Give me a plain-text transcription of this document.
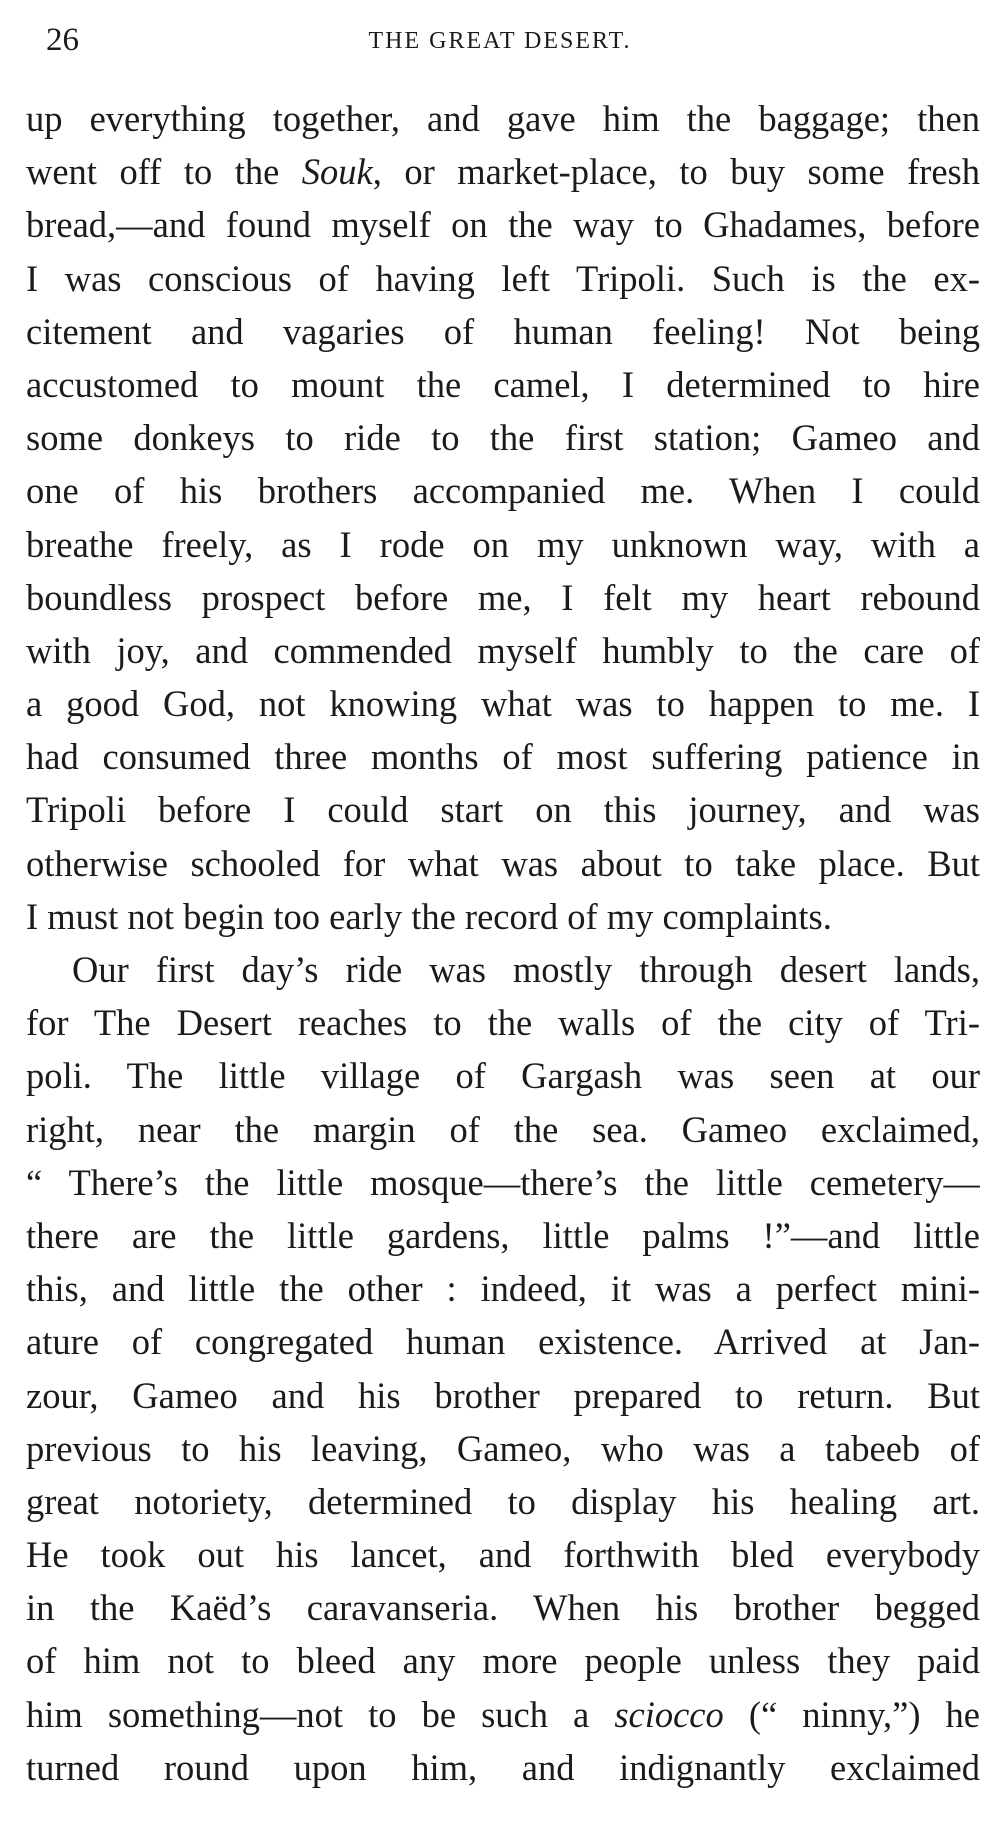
26	THE GREAT DESERT.
up everything together, and gave him the baggage; then
went off to the Souk, or market-place, to buy some fresh
bread,—and found myself on the way to Ghadames, before
I was conscious of having left Tripoli. Such is the ex-
citement and vagaries of human feeling! Not being
accustomed to mount the camel, I determined to hire
some donkeys to ride to the first station; Gameo and
one of his brothers accompanied me. When I could
breathe freely, as I rode on my unknown way, with a
boundless prospect before me, I felt my heart rebound
with joy, and commended myself humbly to the care of
a good God, not knowing what was to happen to me. I
had consumed three months of most suffering patience in
Tripoli before I could start on this journey, and was
otherwise schooled for what was about to take place. But
I must not begin too early the record of my complaints.
Our first day’s ride was mostly through desert lands,
for The Desert reaches to the walls of the city of Tri-
poli. The little village of Gargash was seen at our
right, near the margin of the sea. Gameo exclaimed,
“ There’s the little mosque—there’s the little cemetery—
there are the little gardens, little palms !”—and little
this, and little the other : indeed, it was a perfect mini-
ature of congregated human existence. Arrived at Jan-
zour, Gameo and his brother prepared to return. But
previous to his leaving, Gameo, who was a tabeeb of
great notoriety, determined to display his healing art.
He took out his lancet, and forthwith bled everybody
in the Kaëd’s caravanseria. When his brother begged
of him not to bleed any more people unless they paid
him something—not to be such a sciocco (“ ninny,”) he
turned round upon him, and indignantly exclaimed
